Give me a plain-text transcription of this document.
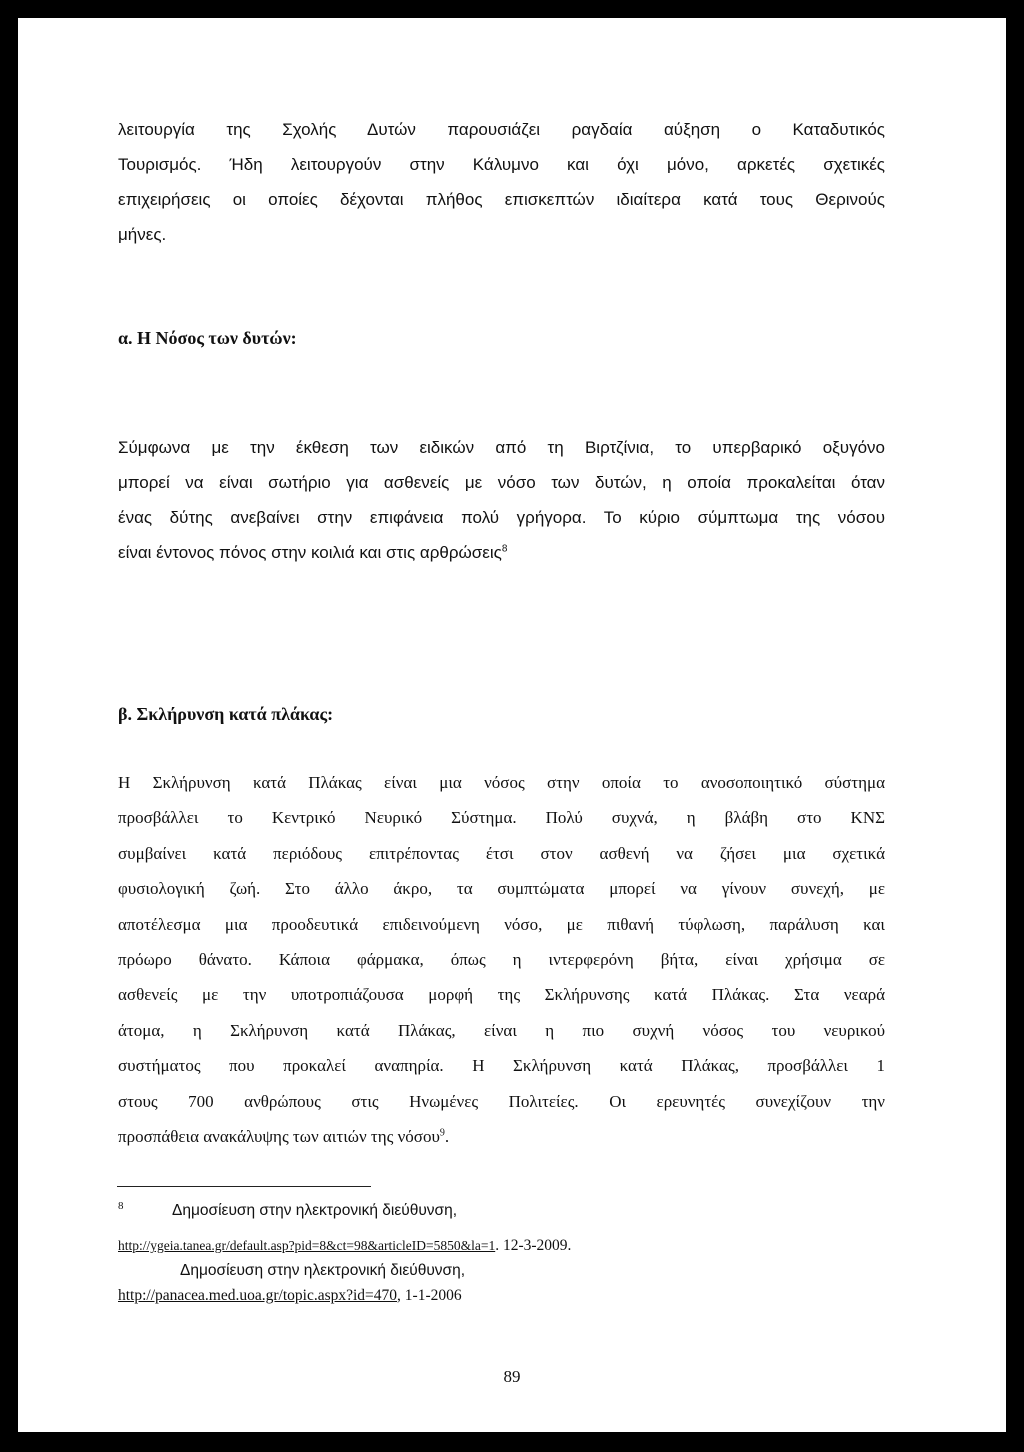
λειτουργία της Σχολής Δυτών παρουσιάζει ραγδαία αύξηση ο Καταδυτικός
Τουρισμός. Ήδη λειτουργούν στην Κάλυμνο και όχι μόνο, αρκετές σχετικές
επιχειρήσεις οι οποίες δέχονται πλήθος επισκεπτών ιδιαίτερα κατά τους Θερινούς
μήνες.
α. Η Νόσος των δυτών:
Σύμφωνα με την έκθεση των ειδικών από τη Βιρτζίνια, το υπερβαρικό οξυγόνο
μπορεί να είναι σωτήριο για ασθενείς με νόσο των δυτών, η οποία προκαλείται όταν
ένας δύτης ανεβαίνει στην επιφάνεια πολύ γρήγορα. Το κύριο σύμπτωμα της νόσου
είναι έντονος πόνος στην κοιλιά και στις αρθρώσεις$^8$
β. Σκλήρυνση κατά πλάκας:
Η Σκλήρυνση κατά Πλάκας είναι μια νόσος στην οποία το ανοσοποιητικό σύστημα
προσβάλλει το Κεντρικό Νευρικό Σύστημα. Πολύ συχνά, η βλάβη στο ΚΝΣ
συμβαίνει κατά περιόδους επιτρέποντας έτσι στον ασθενή να ζήσει μια σχετικά
φυσιολογική ζωή. Στο άλλο άκρο, τα συμπτώματα μπορεί να γίνουν συνεχή, με
αποτέλεσμα μια προοδευτικά επιδεινούμενη νόσο, με πιθανή τύφλωση, παράλυση και
πρόωρο θάνατο. Κάποια φάρμακα, όπως η ιντερφερόνη βήτα, είναι χρήσιμα σε
ασθενείς με την υποτροπιάζουσα μορφή της Σκλήρυνσης κατά Πλάκας. Στα νεαρά
άτομα, η Σκλήρυνση κατά Πλάκας, είναι η πιο συχνή νόσος του νευρικού
συστήματος που προκαλεί αναπηρία. Η Σκλήρυνση κατά Πλάκας, προσβάλλει 1
στους 700 ανθρώπους στις Ηνωμένες Πολιτείες. Οι ερευνητές συνεχίζουν την
προσπάθεια ανακάλυψης των αιτιών της νόσου$^9$.
8	Δημοσίευση στην ηλεκτρονική διεύθυνση,
http://ygeia.tanea.gr/default.asp?pid=8&ct=98&articleID=5850&la=1. 12-3-2009.
Δημοσίευση στην ηλεκτρονική διεύθυνση,
http://panacea.med.uoa.gr/topic.aspx?id=470, 1-1-2006
89
